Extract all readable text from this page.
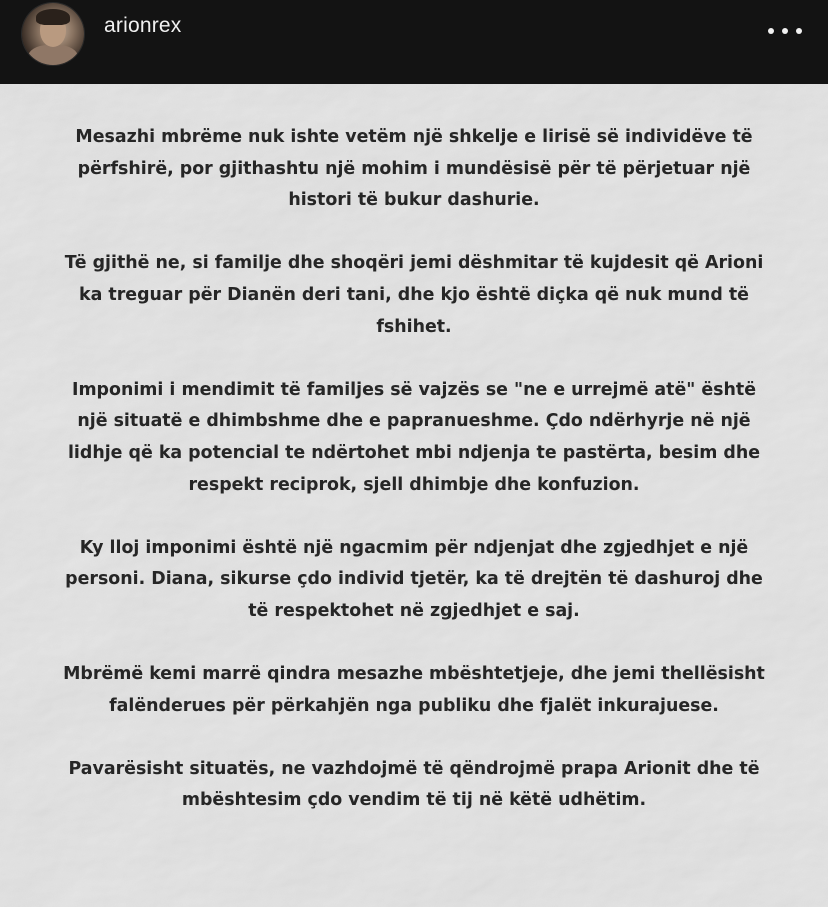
arionrex

Mesazhi mbrëme nuk ishte vetëm një shkelje e lirisë së individëve të përfshirë, por gjithashtu një mohim i mundësisë për të përjetuar një histori të bukur dashurie.

Të gjithë ne, si familje dhe shoqëri jemi dëshmitar të kujdesit që Arioni ka treguar për Dianën deri tani, dhe kjo është diçka që nuk mund të fshihet.

Imponimi i mendimit të familjes së vajzës se "ne e urrejmë atë" është një situatë e dhimbshme dhe e papranueshme. Çdo ndërhyrje në një lidhje që ka potencial te ndërtohet mbi ndjenja te pastërta, besim dhe respekt reciprok, sjell dhimbje dhe konfuzion.

Ky lloj imponimi është një ngacmim për ndjenjat dhe zgjedhjet e një personi. Diana, sikurse çdo individ tjetër, ka të drejtën të dashuroj dhe të respektohet në zgjedhjet e saj.

Mbrëmë kemi marrë qindra mesazhe mbështetjeje, dhe jemi thellësisht falënderues për përkahjën nga publiku dhe fjalët inkurajuese.

Pavarësisht situatës, ne vazhdojmë të qëndrojmë prapa Arionit dhe të mbështesim çdo vendim të tij në këtë udhëtim.
